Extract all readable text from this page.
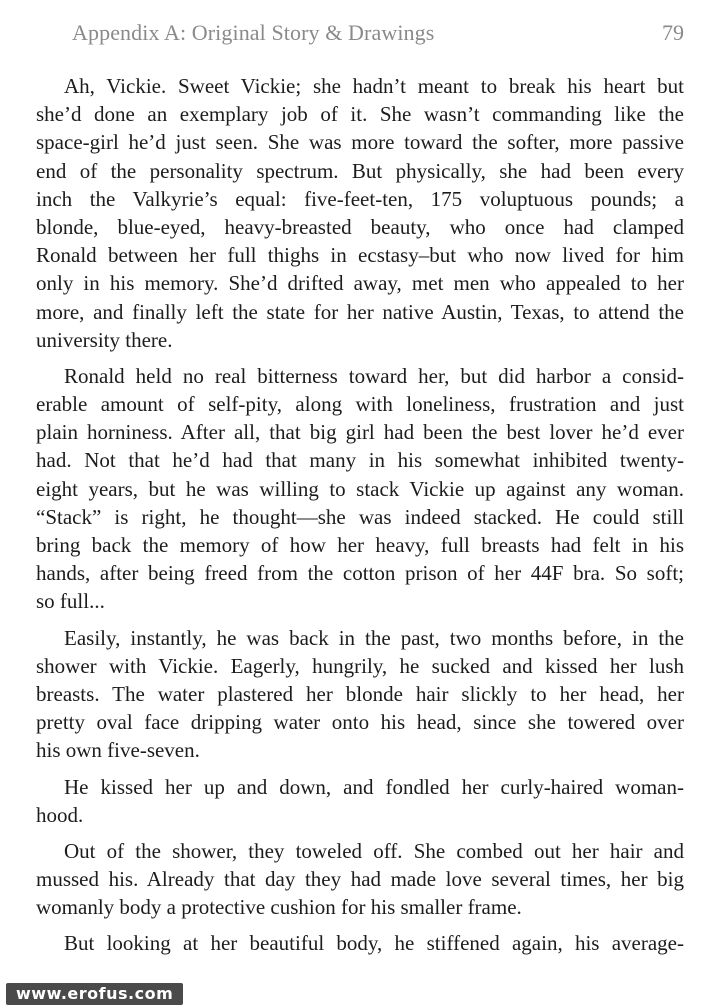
Appendix A: Original Story & Drawings	79

Ah, Vickie. Sweet Vickie; she hadn’t meant to break his heart but
she’d done an exemplary job of it. She wasn’t commanding like the
space-girl he’d just seen. She was more toward the softer, more passive
end of the personality spectrum. But physically, she had been every
inch the Valkyrie’s equal: five-feet-ten, 175 voluptuous pounds; a
blonde, blue-eyed, heavy-breasted beauty, who once had clamped
Ronald between her full thighs in ecstasy–but who now lived for him
only in his memory. She’d drifted away, met men who appealed to her
more, and finally left the state for her native Austin, Texas, to attend the
university there.

Ronald held no real bitterness toward her, but did harbor a consid-
erable amount of self-pity, along with loneliness, frustration and just
plain horniness. After all, that big girl had been the best lover he’d ever
had. Not that he’d had that many in his somewhat inhibited twenty-
eight years, but he was willing to stack Vickie up against any woman.
“Stack” is right, he thought—she was indeed stacked. He could still
bring back the memory of how her heavy, full breasts had felt in his
hands, after being freed from the cotton prison of her 44F bra. So soft;
so full...

Easily, instantly, he was back in the past, two months before, in the
shower with Vickie. Eagerly, hungrily, he sucked and kissed her lush
breasts. The water plastered her blonde hair slickly to her head, her
pretty oval face dripping water onto his head, since she towered over
his own five-seven.

He kissed her up and down, and fondled her curly-haired woman-
hood.

Out of the shower, they toweled off. She combed out her hair and
mussed his. Already that day they had made love several times, her big
womanly body a protective cushion for his smaller frame.

But looking at her beautiful body, he stiffened again, his average-

www.erofus.com
